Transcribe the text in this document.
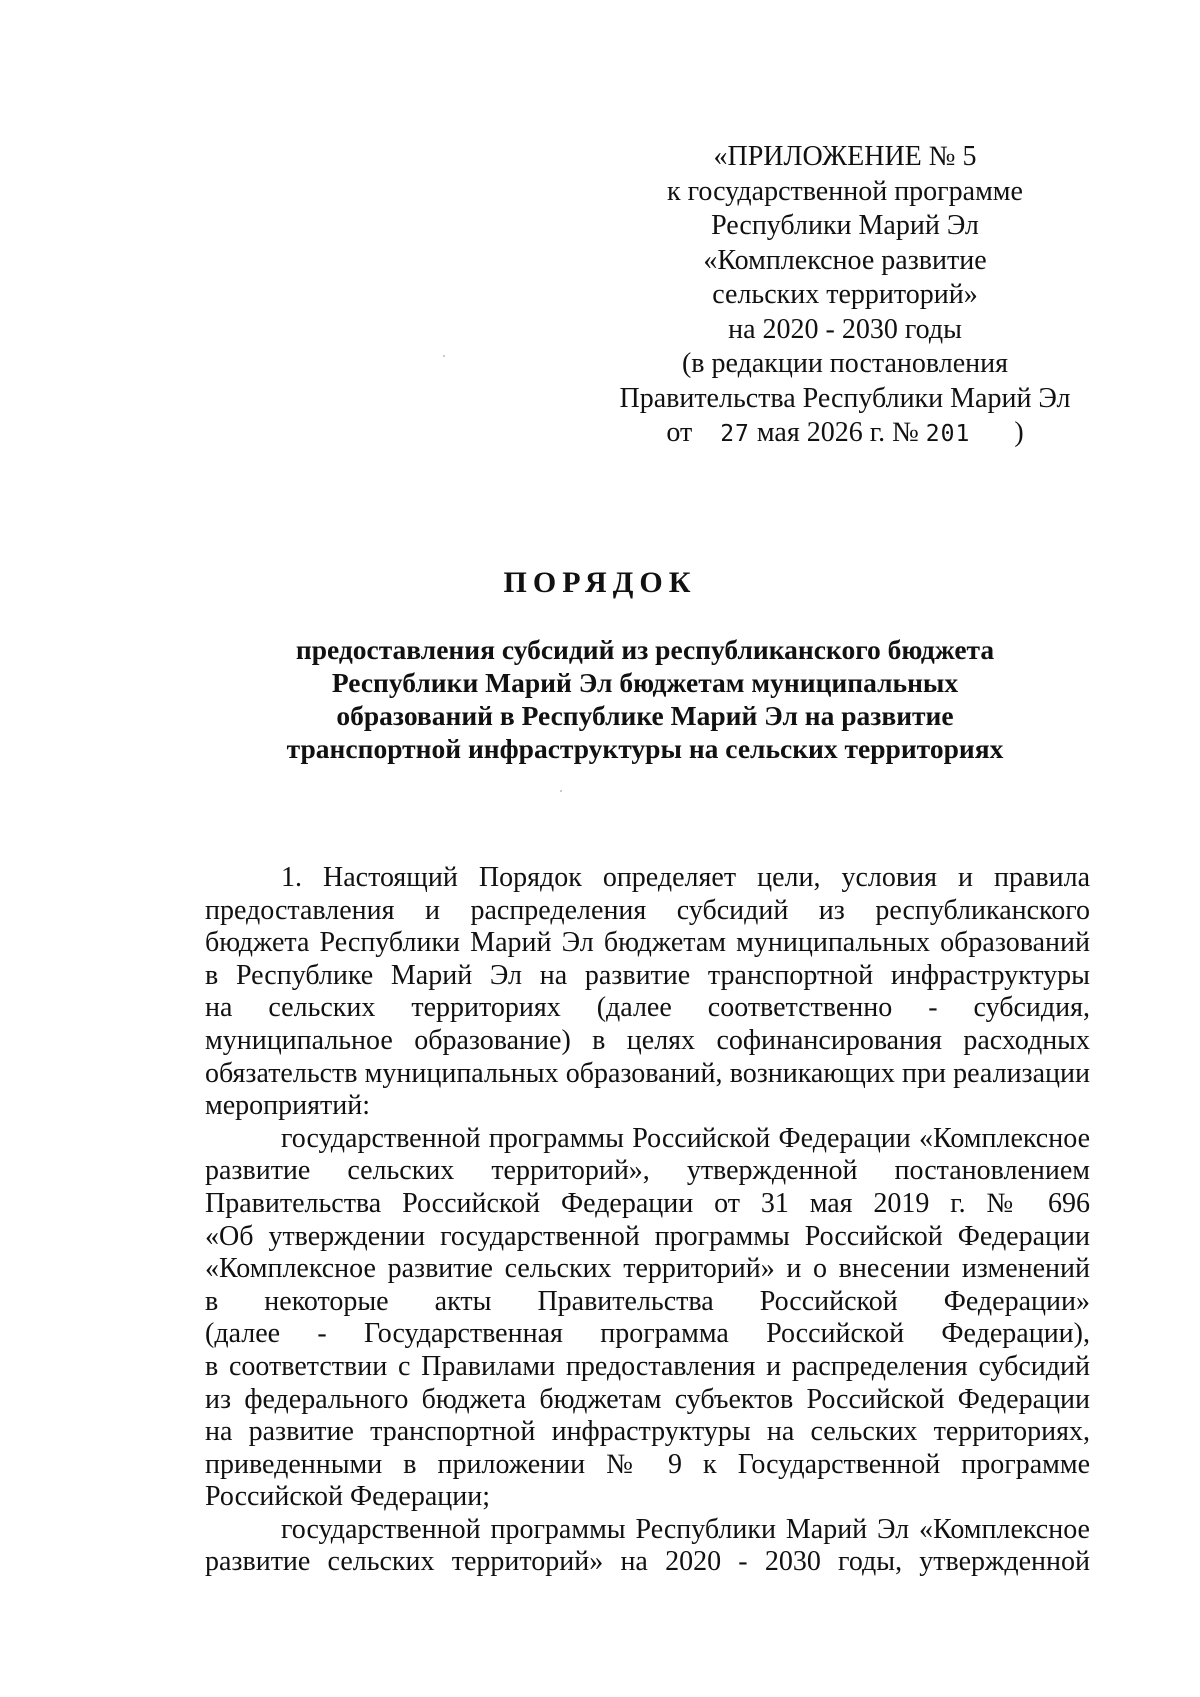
«ПРИЛОЖЕНИЕ № 5
к государственной программе
Республики Марий Эл
«Комплексное развитие
сельских территорий»
на 2020 - 2030 годы
(в редакции постановления
Правительства Республики Марий Эл
от 27 мая 2026 г. № 201 )
ПОРЯДОК
предоставления субсидий из республиканского бюджета
Республики Марий Эл бюджетам муниципальных
образований в Республике Марий Эл на развитие
транспортной инфраструктуры на сельских территориях
1. Настоящий Порядок определяет цели, условия и правила
предоставления и распределения субсидий из республиканского
бюджета Республики Марий Эл бюджетам муниципальных образований
в Республике Марий Эл на развитие транспортной инфраструктуры
на сельских территориях (далее соответственно - субсидия,
муниципальное образование) в целях софинансирования расходных
обязательств муниципальных образований, возникающих при реализации
мероприятий:
государственной программы Российской Федерации «Комплексное
развитие сельских территорий», утвержденной постановлением
Правительства Российской Федерации от 31 мая 2019 г. № 696
«Об утверждении государственной программы Российской Федерации
«Комплексное развитие сельских территорий» и о внесении изменений
в некоторые акты Правительства Российской Федерации»
(далее - Государственная программа Российской Федерации),
в соответствии с Правилами предоставления и распределения субсидий
из федерального бюджета бюджетам субъектов Российской Федерации
на развитие транспортной инфраструктуры на сельских территориях,
приведенными в приложении № 9 к Государственной программе
Российской Федерации;
государственной программы Республики Марий Эл «Комплексное
развитие сельских территорий» на 2020 - 2030 годы, утвержденной
